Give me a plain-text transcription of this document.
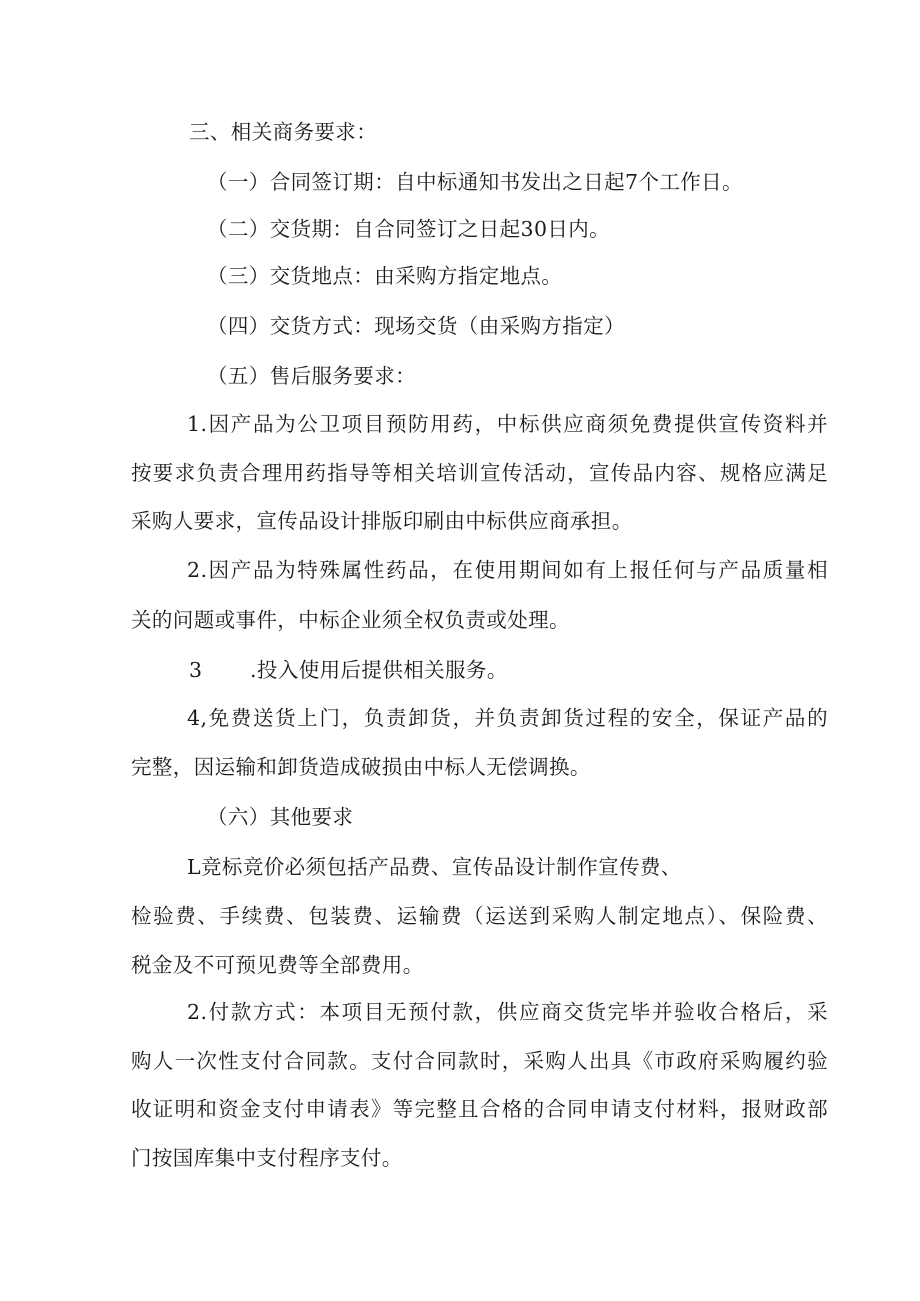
三、相关商务要求：
（一）合同签订期：自中标通知书发出之日起7个工作日。
（二）交货期：自合同签订之日起30日内。
（三）交货地点：由采购方指定地点。
（四）交货方式：现场交货（由采购方指定）
（五）售后服务要求：
1.因产品为公卫项目预防用药，中标供应商须免费提供宣传资料并
按要求负责合理用药指导等相关培训宣传活动，宣传品内容、规格应满足
采购人要求，宣传品设计排版印刷由中标供应商承担。
2.因产品为特殊属性药品，在使用期间如有上报任何与产品质量相
关的问题或事件，中标企业须全权负责或处理。
3 .投入使用后提供相关服务。
4,免费送货上门，负责卸货，并负责卸货过程的安全，保证产品的
完整，因运输和卸货造成破损由中标人无偿调换。
（六）其他要求
L竞标竞价必须包括产品费、宣传品设计制作宣传费、
检验费、手续费、包装费、运输费（运送到采购人制定地点）、保险费、
税金及不可预见费等全部费用。
2.付款方式：本项目无预付款，供应商交货完毕并验收合格后，采
购人一次性支付合同款。支付合同款时，采购人出具《市政府采购履约验
收证明和资金支付申请表》等完整且合格的合同申请支付材料，报财政部
门按国库集中支付程序支付。
